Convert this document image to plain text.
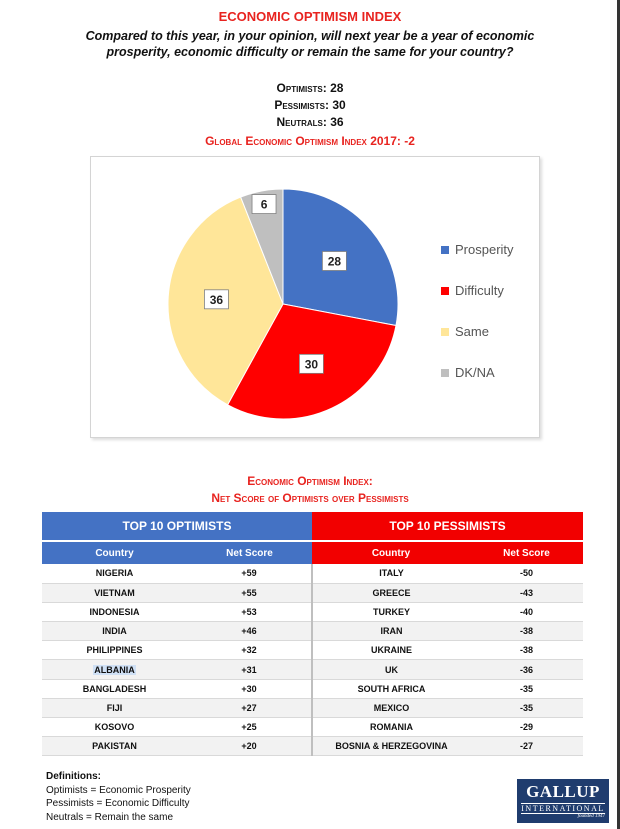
ECONOMIC OPTIMISM INDEX
Compared to this year, in your opinion, will next year be a year of economic prosperity, economic difficulty or remain the same for your country?
Optimists: 28
Pessimists: 30
Neutrals: 36
Global Economic Optimism Index 2017: -2
28
30
36
6
Prosperity
Difficulty
Same
DK/NA
Economic Optimism Index:
Net Score of Optimists over Pessimists
TOP 10 OPTIMISTS		TOP 10 PESSIMISTS	
Country	Net Score	Country	Net Score
NIGERIA	+59	ITALY	-50
VIETNAM	+55	GREECE	-43
INDONESIA	+53	TURKEY	-40
INDIA	+46	IRAN	-38
PHILIPPINES	+32	UKRAINE	-38
ALBANIA	+31	UK	-36
BANGLADESH	+30	SOUTH AFRICA	-35
FIJI	+27	MEXICO	-35
KOSOVO	+25	ROMANIA	-29
PAKISTAN	+20	BOSNIA & HERZEGOVINA	-27
Definitions:
Optimists = Economic Prosperity
Pessimists = Economic Difficulty
Neutrals = Remain the same
GALLUP
INTERNATIONAL
founded 1947
